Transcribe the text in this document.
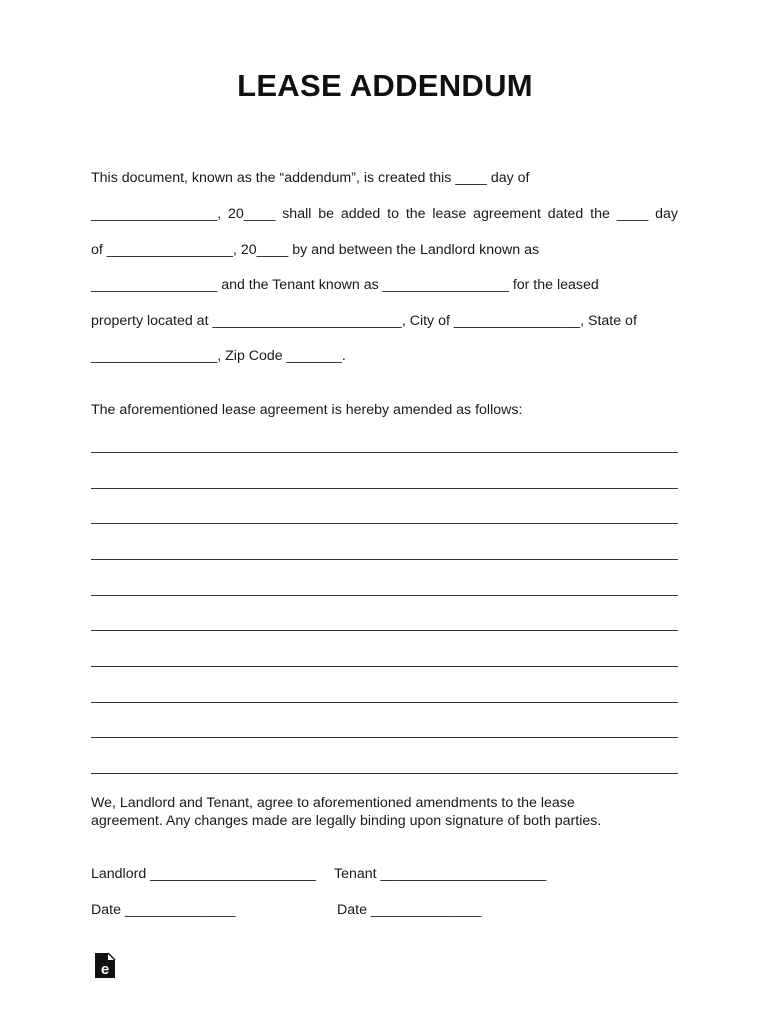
LEASE ADDENDUM
This document, known as the “addendum”, is created this ____ day of
________________, 20____ shall be added to the lease agreement dated the ____ day
of ________________, 20____ by and between the Landlord known as
________________ and the Tenant known as ________________ for the leased
property located at ________________________, City of ________________, State of
________________, Zip Code _______.
The aforementioned lease agreement is hereby amended as follows:
We, Landlord and Tenant, agree to aforementioned amendments to the lease
agreement. Any changes made are legally binding upon signature of both parties.
Landlord _____________________ Tenant _____________________
Date ______________	Date ______________
e
